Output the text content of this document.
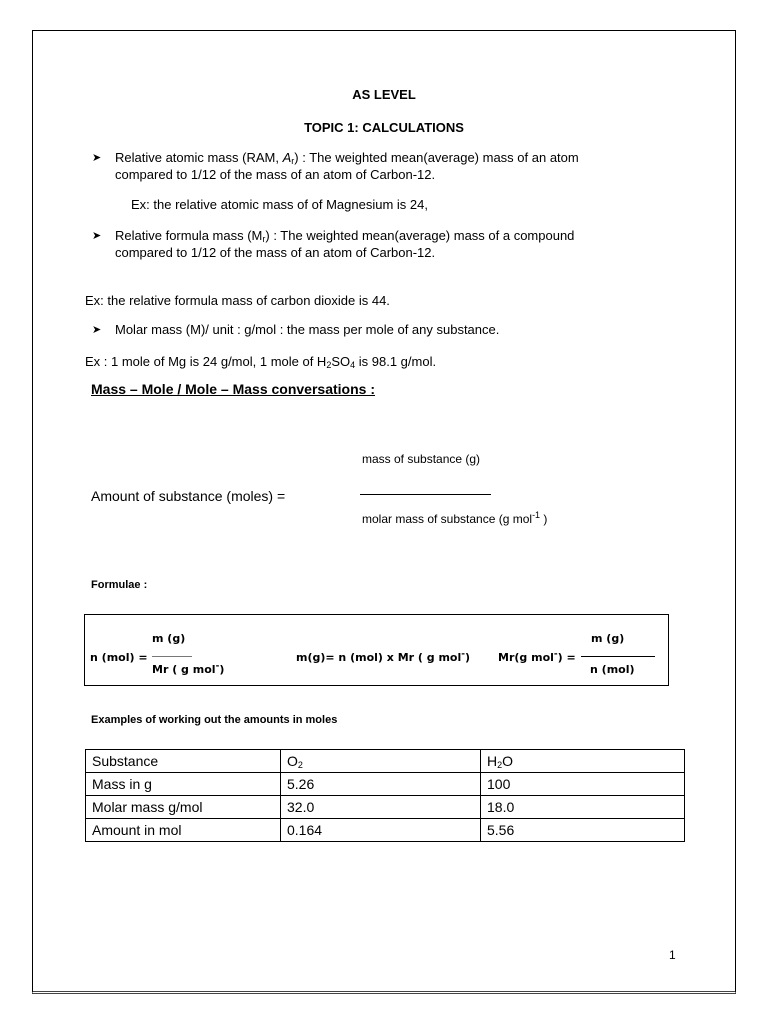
AS LEVEL
TOPIC 1: CALCULATIONS
➤ Relative atomic mass (RAM, $A_r$) : The weighted mean(average) mass of an atom
compared to 1/12 of the mass of an atom of Carbon-12.
Ex: the relative atomic mass of of Magnesium is 24,
➤ Relative formula mass $(M_r)$ : The weighted mean(average) mass of a compound
compared to 1/12 of the mass of an atom of Carbon-12.
Ex: the relative formula mass of carbon dioxide is 44.
➤ Molar mass (M)/ unit : g/mol : the mass per mole of any substance.
Ex : 1 mole of Mg is 24 g/mol, 1 mole of $H_2SO_4$ is 98.1 g/mol.
Mass – Mole / Mole – Mass conversations :
mass of substance (g)
Amount of substance (moles) =
molar mass of substance (g mol$^{-1}$ )
Formulae :
m (g)
n (mol) =
Mr ( g mol-)
m(g)= n (mol) x Mr ( g mol-)	Mr(g mol-) =
m (g)
n (mol)
Examples of working out the amounts in moles
Substance	$O_2$	$H_2O$
Mass in g	5.26	100
Molar mass g/mol	32.0	18.0
Amount in mol	0.164	5.56
1
